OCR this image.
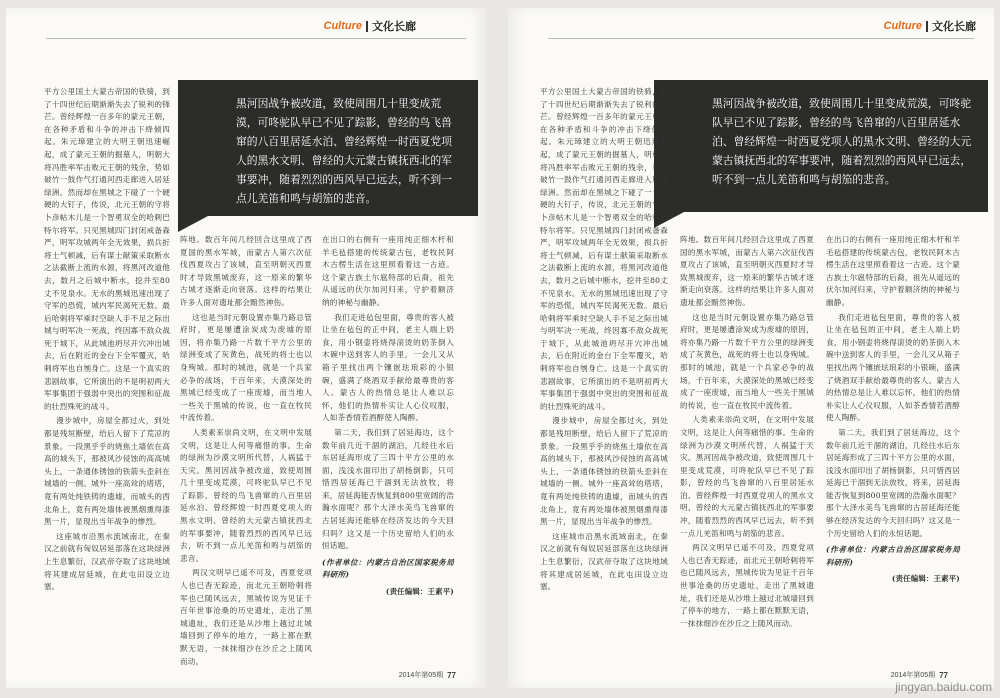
Culture 文化长廊
黑河因战争被改道，致使周围几十里变成荒漠，可咚驼队早已不见了踪影，曾经的鸟飞兽窜的八百里居延水泊、曾经辉煌一时西夏党项人的黑水文明、曾经的大元蒙古镇抚西北的军事要冲，随着烈烈的西风早已远去，听不到一点儿羌笛和鸣与胡笳的悲音。

平方公里国土大蒙古帝国的铁骑，到了十四世纪后期渐渐失去了锐利的锋芒。曾经辉煌一百多年的蒙元王朝，在各种矛盾和斗争的冲击下绛倾四起。朱元璋建立的大明王朝迅速崛起，成了蒙元王朝的掘墓人，明朝大将冯胜率军击败元王朝的残余，势如破竹一鼓作气打通河西走廊进入居延绿洲。然而却在黑城之下碰了一个硬硬的大钉子，传说，北元王朝的守将卜彦帖木儿是一个智勇双全的哈剌巴特尔将军。只见黑城四门封闭戒备森严，明军攻城两年全无效果，损兵折将士气顿减，后有谋士献策采取断水之法截断上流的水源，将黑河改道他去，数月之后城中断水，挖井至80丈不见泉水。无水的黑城迅速出现了守军的恐慌，城内军民渴死无数。最后哈剌将军乘时空缺人手不足之际出城与明军决一死战，终因寡不敌众战死于城下，从此城池坍尽开穴冲出城去，后在附近的金台下全军覆灭，哈剌将军也自刎身亡。这是一个真实的悲剧故事，它所演出的不是明初两大军事集团于强弱中突出的突围和征战的壮烈殊死的战斗。

漫步城中，房屋全都过火，到处都是残垣断壁，给后人留下了荒凉的景象。一段黑乎乎的烧焦土墙依在高高的城头下，那被风沙侵蚀的高高城头上，一条通体锈蚀的铁箭头歪斜在城墙的一侧。城外一座高耸的塔塔，竟有两处纯铁铸的遗墟，而城头的西北角上，竟有两处墙体被黑烟熏得漆黑一片，显现出当年战争的惨烈。

这座城市沿黑水流域南北，在秦汉之前就有匈奴居延部落在这块绿洲上生息繁衍，汉武帝夺取了这块地域将其建成居延城，在此屯田设立边塞。

阵地。数百年间几经回合这里成了西夏国的黑水军城，而蒙古人第六次征伐西夏攻占了该城，直至明朝灭西夏时才导致黑城废弃，这一原来的繁华古城才逐渐走向衰落。这样的结果让许多人面对遗址都会黯然神伤。

这也是当时元朝设置亦集乃路总管府时，更是屡遭涂炭成为废墟的原因，将亦集乃路一片数千平方公里的绿洲变成了灰黄色，战死的将士也以身殉城。那时的城池，就是一个兵家必争的战场，千百年来，大漠深处的黑城已经变成了一座废墟，而当地人一些关于黑城的传说，也一直在牧民中流传着。

人类素来崇尚文明，在文明中发展文明，这是让人何等痛惜的事。生命的绿洲为沙漠文明所代替，人祸猛于天灾。黑河因战争被改道，致使周围几十里变成荒漠，可咚驼队早已不见了踪影，曾经的鸟飞兽窜的八百里居延水泊、曾经辉煌一时西夏党项人的黑水文明、曾经的大元蒙古镇抚西北的军事要冲，随着烈烈的西风早已远去，听不到一点儿羌笛和鸣与胡笳的悲音。

两汉文明早已遥不可及，西夏党项人也已杳无踪迹，而北元王朝哈剌将军也已随风远去，黑城传说为见证千百年世事沧桑的历史遗址，走出了黑城遗址，我们还是从沙堆上越过北城墙回到了停车的地方，一路上都在默默无语，一抹抹细沙在沙丘之上随风而动。

在出口的右侧有一座用纯正细木杆和羊毛毡搭建的传统蒙古包，老牧民阿木古楞生活在这里照看着这一古迹。这个蒙古族土尔扈特部的后裔，祖先从遥远的伏尔加河归来，守护着额济纳的神秘与幽静。

我们走进毡包里面，尊贵的客人被让坐在毡包的正中间，老主人端上奶食，用小钢壶将烧得滚烫的奶茶倒入木碗中送到客人的手里，一会儿又从箱子里找出两个镶嵌珐琅彩的小银碗，盛满了烧酒双手献给最尊贵的客人。蒙古人的热情总是让人难以忘怀，他们的热情朴实让人心仪叹服，人如茶香情若酒醇使人陶醉。

第二天，我们到了居延海边，这个数年前几近干涸的湖泊，几经往水后东居延海形成了三四十平方公里的水面，浅浅水面印出了胡杨倒影，只可惜西居延海已干涸到无法放牧，将来，居延海能否恢复到800里宽阔的浩瀚水面呢？那个大泽水美鸟飞兽窜的古居延海还能够在经济发达的今天回归吗？这又是一个历史留给人们的永恒话题。

(作者单位：内蒙古自治区国家税务局科研所)
(责任编辑：王素平)
2014年第05期 77
Culture 文化长廊
黑河因战争被改道，致使周围几十里变成荒漠，可咚驼队早已不见了踪影，曾经的鸟飞兽窜的八百里居延水泊、曾经辉煌一时西夏党项人的黑水文明、曾经的大元蒙古镇抚西北的军事要冲，随着烈烈的西风早已远去，听不到一点儿羌笛和鸣与胡笳的悲音。

平方公里国土大蒙古帝国的铁骑，到了十四世纪后期渐渐失去了锐利的锋芒。曾经辉煌一百多年的蒙元王朝，在各种矛盾和斗争的冲击下绛倾四起。朱元璋建立的大明王朝迅速崛起，成了蒙元王朝的掘墓人，明朝大将冯胜率军击败元王朝的残余，势如破竹一鼓作气打通河西走廊进入居延绿洲。然而却在黑城之下碰了一个硬硬的大钉子，传说，北元王朝的守将卜彦帖木儿是一个智勇双全的哈剌巴特尔将军。只见黑城四门封闭戒备森严，明军攻城两年全无效果，损兵折将士气顿减，后有谋士献策采取断水之法截断上流的水源，将黑河改道他去，数月之后城中断水，挖井至80丈不见泉水。无水的黑城迅速出现了守军的恐慌，城内军民渴死无数。最后哈剌将军乘时空缺人手不足之际出城与明军决一死战，终因寡不敌众战死于城下，从此城池坍尽开穴冲出城去，后在附近的金台下全军覆灭，哈剌将军也自刎身亡。这是一个真实的悲剧故事，它所演出的不是明初两大军事集团于强弱中突出的突围和征战的壮烈殊死的战斗。

漫步城中，房屋全都过火，到处都是残垣断壁，给后人留下了荒凉的景象。一段黑乎乎的烧焦土墙依在高高的城头下，那被风沙侵蚀的高高城头上，一条通体锈蚀的铁箭头歪斜在城墙的一侧。城外一座高耸的塔塔，竟有两处纯铁铸的遗墟，而城头的西北角上，竟有两处墙体被黑烟熏得漆黑一片，显现出当年战争的惨烈。

这座城市沿黑水流域南北，在秦汉之前就有匈奴居延部落在这块绿洲上生息繁衍，汉武帝夺取了这块地域将其建成居延城，在此屯田设立边塞。

阵地。数百年间几经回合这里成了西夏国的黑水军城，而蒙古人第六次征伐西夏攻占了该城，直至明朝灭西夏时才导致黑城废弃，这一原来的繁华古城才逐渐走向衰落。这样的结果让许多人面对遗址都会黯然神伤。

这也是当时元朝设置亦集乃路总管府时，更是屡遭涂炭成为废墟的原因，将亦集乃路一片数千平方公里的绿洲变成了灰黄色，战死的将士也以身殉城。那时的城池，就是一个兵家必争的战场，千百年来，大漠深处的黑城已经变成了一座废墟，而当地人一些关于黑城的传说，也一直在牧民中流传着。

人类素来崇尚文明，在文明中发展文明，这是让人何等痛惜的事。生命的绿洲为沙漠文明所代替，人祸猛于天灾。黑河因战争被改道，致使周围几十里变成荒漠，可咚驼队早已不见了踪影，曾经的鸟飞兽窜的八百里居延水泊、曾经辉煌一时西夏党项人的黑水文明、曾经的大元蒙古镇抚西北的军事要冲，随着烈烈的西风早已远去，听不到一点儿羌笛和鸣与胡笳的悲音。

两汉文明早已遥不可及，西夏党项人也已杳无踪迹，而北元王朝哈剌将军也已随风远去，黑城传说为见证千百年世事沧桑的历史遗址，走出了黑城遗址，我们还是从沙堆上越过北城墙回到了停车的地方，一路上都在默默无语，一抹抹细沙在沙丘之上随风而动。

在出口的右侧有一座用纯正细木杆和羊毛毡搭建的传统蒙古包，老牧民阿木古楞生活在这里照看着这一古迹。这个蒙古族土尔扈特部的后裔，祖先从遥远的伏尔加河归来，守护着额济纳的神秘与幽静。

我们走进毡包里面，尊贵的客人被让坐在毡包的正中间，老主人端上奶食，用小钢壶将烧得滚烫的奶茶倒入木碗中送到客人的手里，一会儿又从箱子里找出两个镶嵌珐琅彩的小银碗，盛满了烧酒双手献给最尊贵的客人。蒙古人的热情总是让人难以忘怀，他们的热情朴实让人心仪叹服，人如茶香情若酒醇使人陶醉。

第二天，我们到了居延海边，这个数年前几近干涸的湖泊，几经往水后东居延海形成了三四十平方公里的水面，浅浅水面印出了胡杨倒影，只可惜西居延海已干涸到无法放牧，将来，居延海能否恢复到800里宽阔的浩瀚水面呢？那个大泽水美鸟飞兽窜的古居延海还能够在经济发达的今天回归吗？这又是一个历史留给人们的永恒话题。

(作者单位：内蒙古自治区国家税务局科研所)
(责任编辑：王素平)
2014年第05期 77
jingyan.baidu.com
